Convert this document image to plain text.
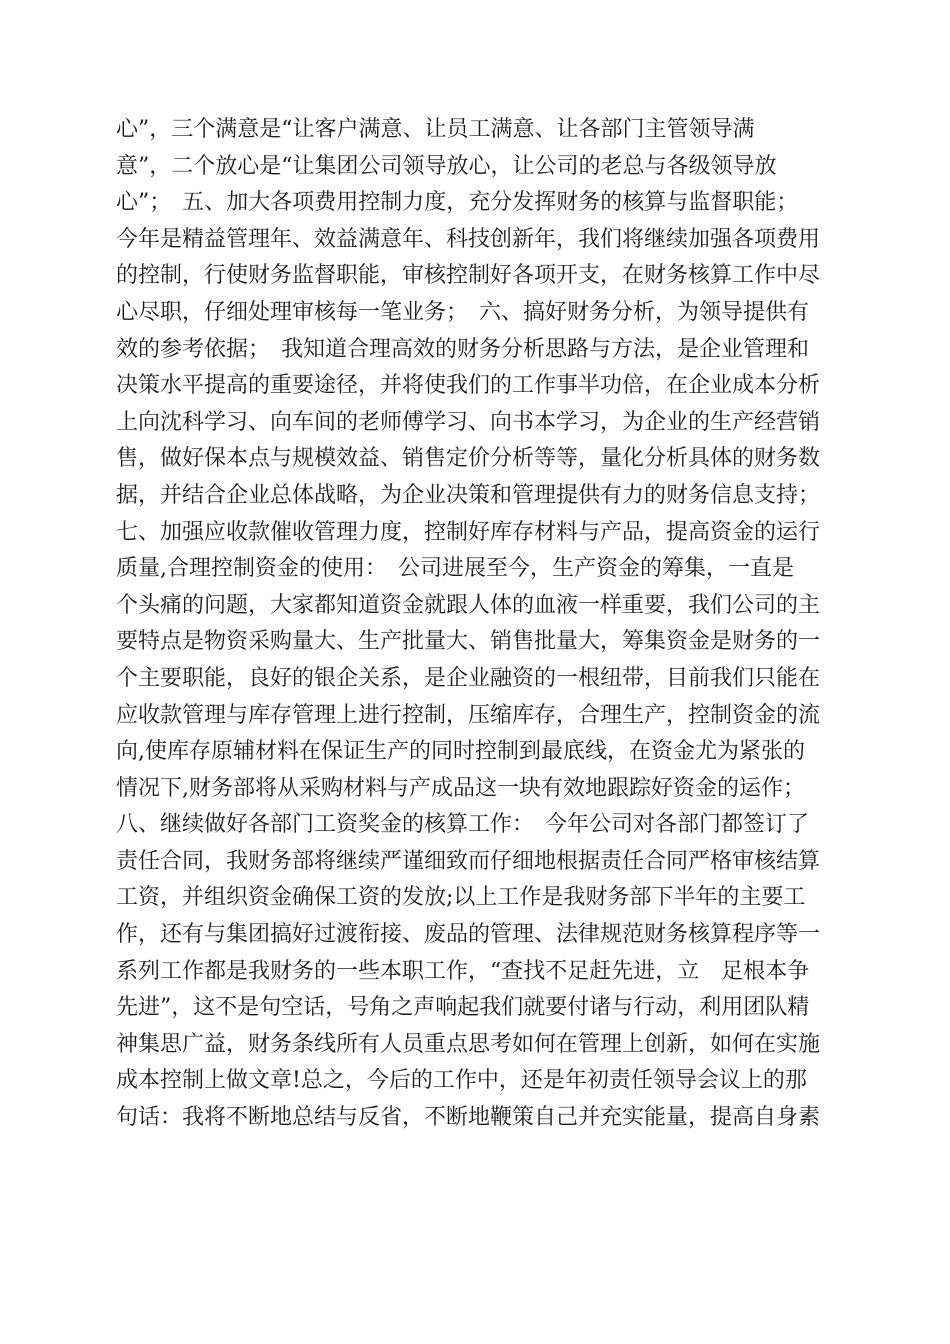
心”，三个满意是“让客户满意、让员工满意、让各部门主管领导满
意”，二个放心是“让集团公司领导放心，让公司的老总与各级领导放
心”；　五、加大各项费用控制力度，充分发挥财务的核算与监督职能；
今年是精益管理年、效益满意年、科技创新年，我们将继续加强各项费用
的控制，行使财务监督职能，审核控制好各项开支，在财务核算工作中尽
心尽职，仔细处理审核每一笔业务；　六、搞好财务分析，为领导提供有
效的参考依据；　我知道合理高效的财务分析思路与方法，是企业管理和
决策水平提高的重要途径，并将使我们的工作事半功倍，在企业成本分析
上向沈科学习、向车间的老师傅学习、向书本学习，为企业的生产经营销
售，做好保本点与规模效益、销售定价分析等等，量化分析具体的财务数
据，并结合企业总体战略，为企业决策和管理提供有力的财务信息支持；
七、加强应收款催收管理力度，控制好库存材料与产品，提高资金的运行
质量,合理控制资金的使用：　公司进展至今，生产资金的筹集，一直是
个头痛的问题，大家都知道资金就跟人体的血液一样重要，我们公司的主
要特点是物资采购量大、生产批量大、销售批量大，筹集资金是财务的一
个主要职能，良好的银企关系，是企业融资的一根纽带，目前我们只能在
应收款管理与库存管理上进行控制，压缩库存，合理生产，控制资金的流
向,使库存原辅材料在保证生产的同时控制到最底线，在资金尤为紧张的
情况下,财务部将从采购材料与产成品这一块有效地跟踪好资金的运作；
八、继续做好各部门工资奖金的核算工作：　今年公司对各部门都签订了
责任合同，我财务部将继续严谨细致而仔细地根据责任合同严格审核结算
工资，并组织资金确保工资的发放;以上工作是我财务部下半年的主要工
作，还有与集团搞好过渡衔接、废品的管理、法律规范财务核算程序等一
系列工作都是我财务的一些本职工作，“查找不足赶先进，立　足根本争
先进”，这不是句空话，号角之声响起我们就要付诸与行动，利用团队精
神集思广益，财务条线所有人员重点思考如何在管理上创新，如何在实施
成本控制上做文章!总之，今后的工作中，还是年初责任领导会议上的那
句话：我将不断地总结与反省，不断地鞭策自己并充实能量，提高自身素
